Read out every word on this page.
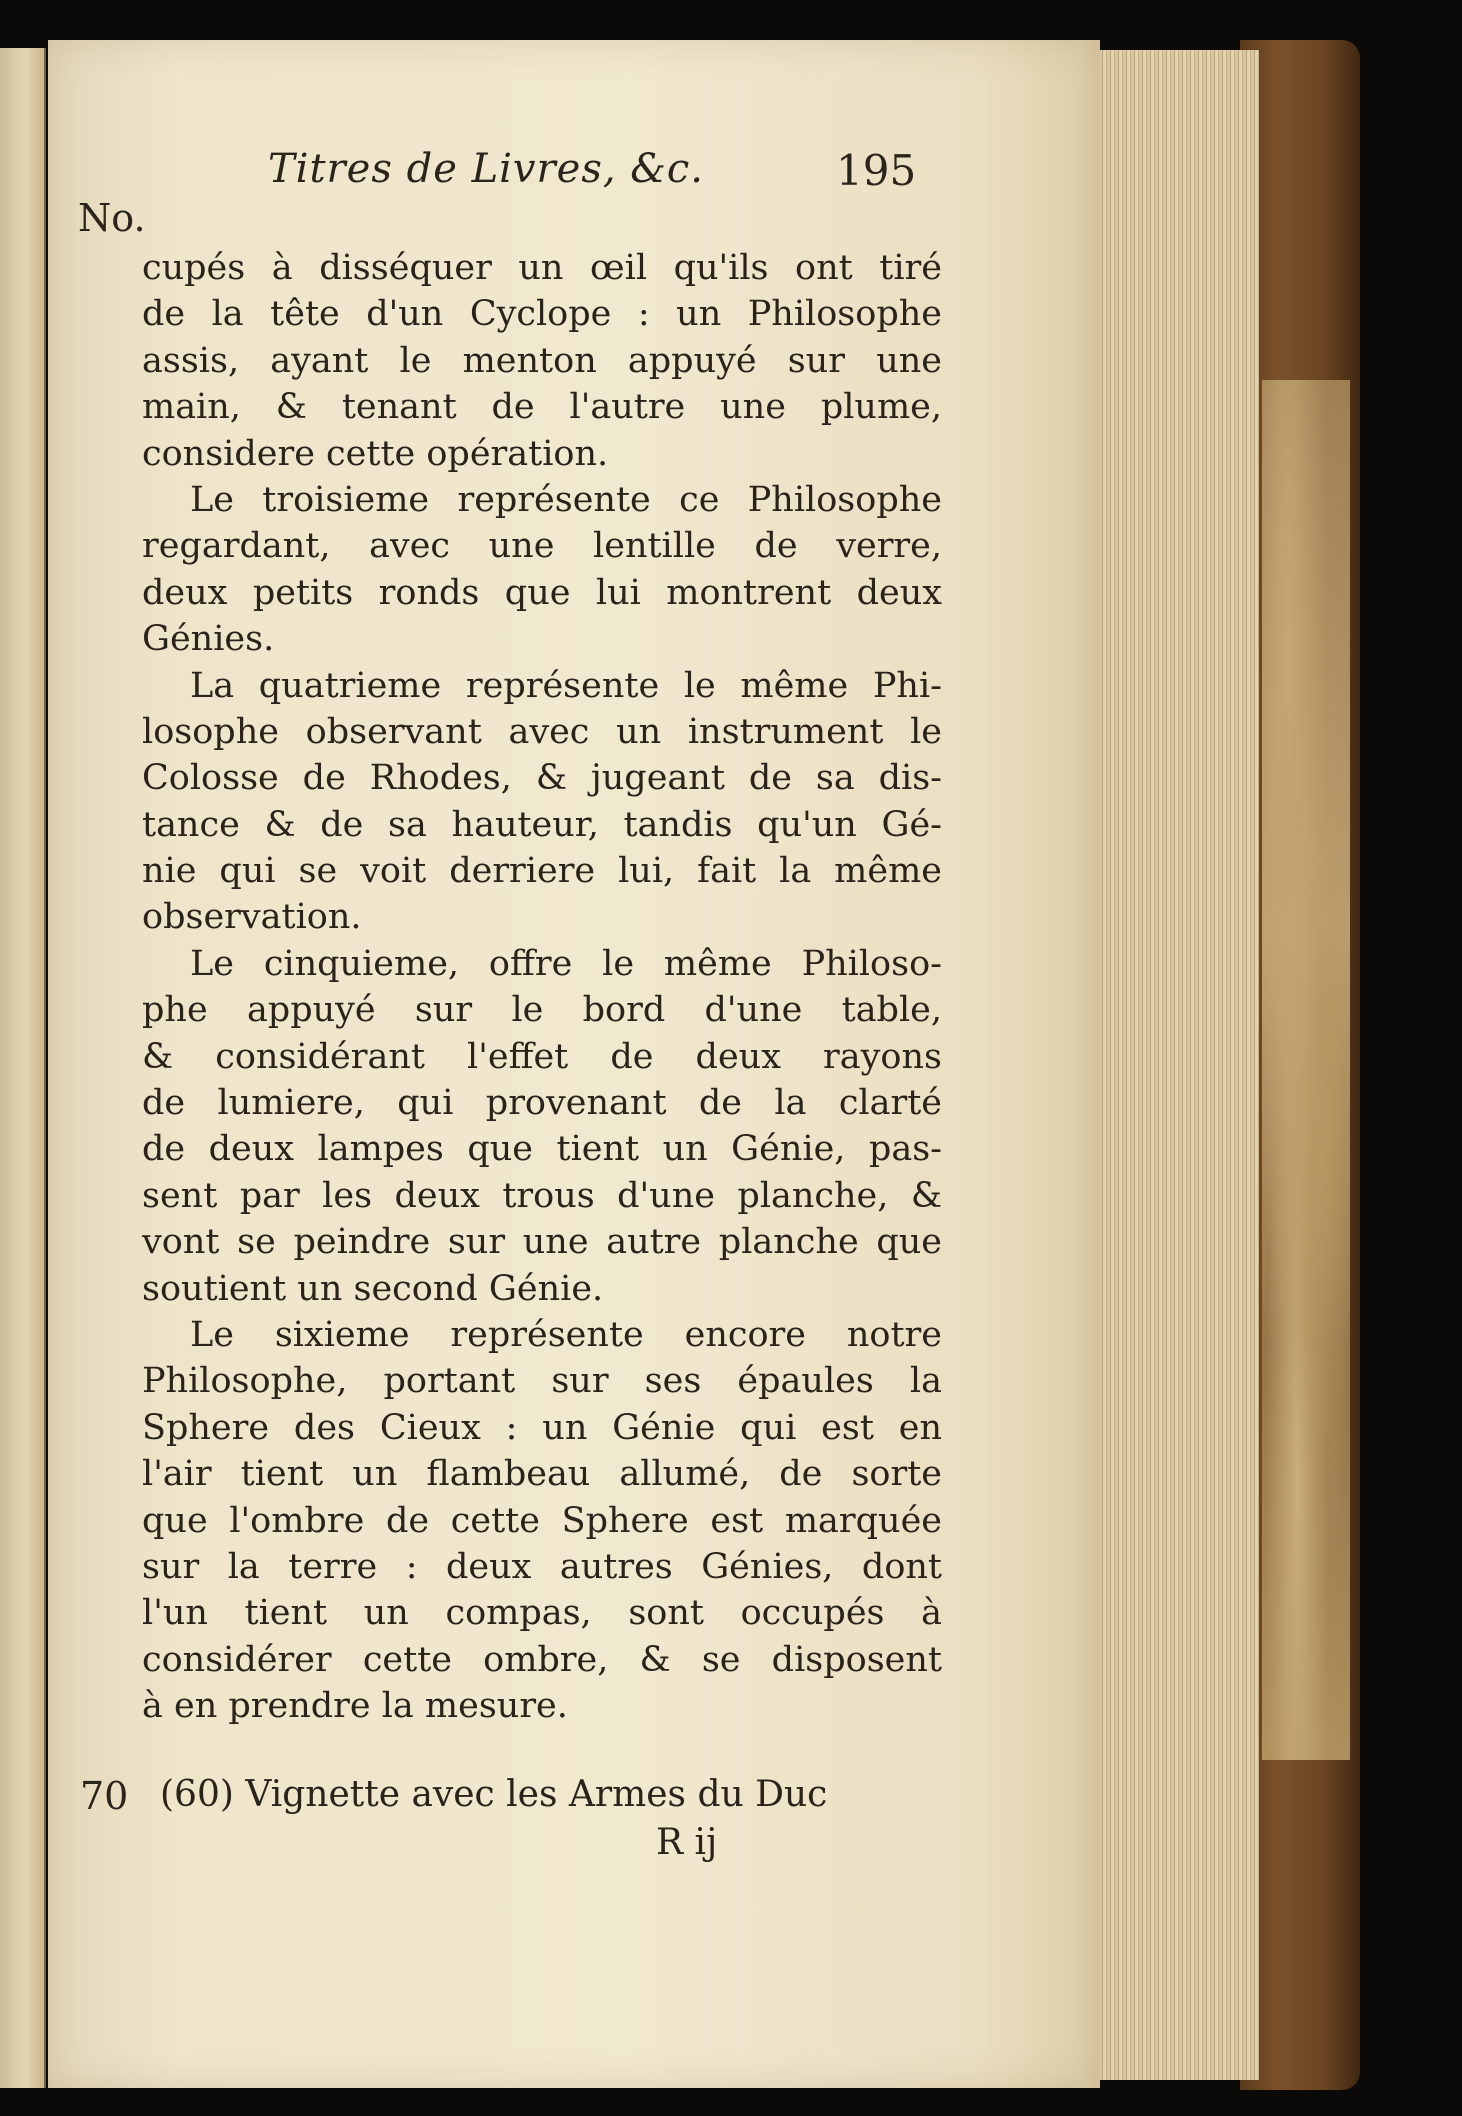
Titres de Livres, &c.	195
No.
cupés à disséquer un œil qu'ils ont tiré
de la tête d'un Cyclope : un Philosophe
assis, ayant le menton appuyé sur une
main, & tenant de l'autre une plume,
considere cette opération.
Le troisieme représente ce Philosophe
regardant, avec une lentille de verre,
deux petits ronds que lui montrent deux
Génies.
La quatrieme représente le même Phi-
losophe observant avec un instrument le
Colosse de Rhodes, & jugeant de sa dis-
tance & de sa hauteur, tandis qu'un Gé-
nie qui se voit derriere lui, fait la même
observation.
Le cinquieme, offre le même Philoso-
phe appuyé sur le bord d'une table,
& considérant l'effet de deux rayons
de lumiere, qui provenant de la clarté
de deux lampes que tient un Génie, pas-
sent par les deux trous d'une planche, &
vont se peindre sur une autre planche que
soutient un second Génie.
Le sixieme représente encore notre
Philosophe, portant sur ses épaules la
Sphere des Cieux : un Génie qui est en
l'air tient un flambeau allumé, de sorte
que l'ombre de cette Sphere est marquée
sur la terre : deux autres Génies, dont
l'un tient un compas, sont occupés à
considérer cette ombre, & se disposent
à en prendre la mesure.
70 (60) Vignette avec les Armes du Duc
R ij
